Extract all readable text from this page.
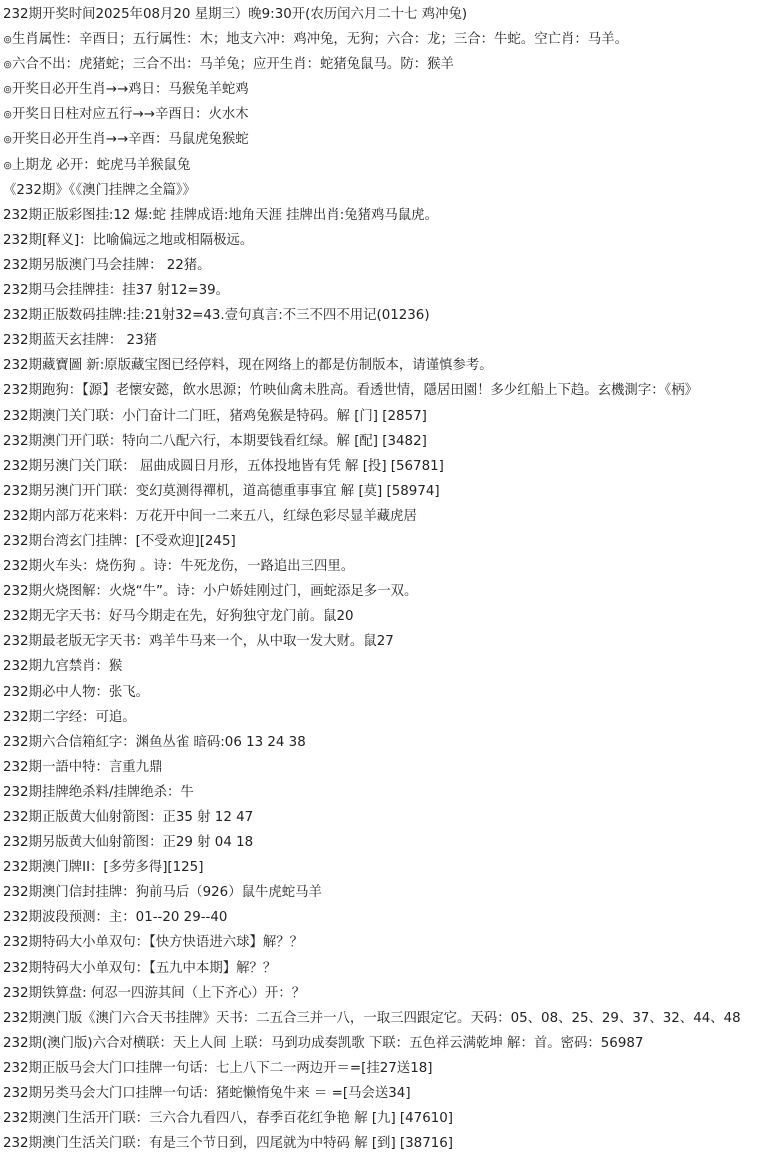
232期开奖时间2025年08月20 星期三）晚9:30开(农历闰六月二十七 鸡冲兔)
⊚生肖属性：辛酉日；五行属性：木；地支六冲：鸡冲兔，无狗；六合：龙；三合：牛蛇。空亡肖：马羊。
⊚六合不出：虎猪蛇；三合不出：马羊兔；应开生肖：蛇猪兔鼠马。防：猴羊
⊚开奖日必开生肖→→鸡日：马猴兔羊蛇鸡
⊚开奖日日柱对应五行→→辛酉日：火水木
⊚开奖日必开生肖→→辛酉：马鼠虎兔猴蛇
⊚上期龙 必开：蛇虎马羊猴鼠兔
《232期》《《澳门挂牌之全篇》》
232期正版彩图挂:12 爆:蛇 挂牌成语:地角天涯 挂牌出肖:兔猪鸡马鼠虎。
232期[释义]：比喻偏远之地或相隔极远。
232期另版澳门马会挂牌： 22猪。
232期马会挂牌挂：挂37 射12=39。
232期正版数码挂牌:挂:21射32=43.壹句真言:不三不四不用记(01236)
232期蓝天玄挂牌： 23猪
232期藏寶圖 新:原版藏宝图已经停料，现在网络上的都是仿制版本，请谨慎参考。
232期跑狗：【源】老懷安懿，飲水思源；竹映仙禽未胜高。看透世情，隱居田園！多少红船上下趋。玄機測字：《柄》
232期澳门关门联：小门奋计二门旺，猪鸡兔猴是特码。解 [门] [2857]
232期澳门开门联：特向二八配六行，本期要钱看红绿。解 [配] [3482]
232期另澳门关门联： 屈曲成圆日月形，五体投地皆有凭 解 [投] [56781]
232期另澳门开门联：变幻莫测得禪机，道高德重事事宜 解 [莫] [58974]
232期内部万花来料：万花开中间一二来五八，红绿色彩尽显羊藏虎居
232期台湾玄门挂牌：[不受欢迎][245]
232期火车头：烧伤狗 。诗：牛死龙伤，一路追出三四里。
232期火烧图解：火烧“牛”。诗：小户娇娃刚过门，画蛇添足多一双。
232期无字天书：好马今期走在先，好狗独守龙门前。鼠20
232期最老版无字天书：鸡羊牛马来一个，从中取一发大财。鼠27
232期九宫禁肖：猴
232期必中人物：张飞。
232期二字经：可追。
232期六合信箱紅字：渊鱼丛雀 暗码:06 13 24 38
232期一語中特：言重九鼎
232期挂牌绝杀料/挂牌绝杀：牛
232期正版黄大仙射箭图：正35 射 12 47
232期另版黄大仙射箭图：正29 射 04 18
232期澳门牌II：[多劳多得][125]
232期澳门信封挂牌：狗前马后（926）鼠牛虎蛇马羊
232期波段预测：主：01--20 29--40
232期特码大小单双句：【快方快语进六球】解？？
232期特码大小单双句：【五九中本期】解？？
232期铁算盘: 何忍一四游其间（上下齐心）开：？
232期澳门版《澳门六合天书挂牌》天书：二五合三并一八，一取三四跟定它。天码：05、08、25、29、37、32、44、48
232期(澳门版)六合对横联：天上人间 上联：马到功成奏凯歌 下联：五色祥云满乾坤 解：首。密码：56987
232期正版马会大门口挂牌一句话：七上八下二一两边开＝=[挂27送18]
232期另类马会大门口挂牌一句话：猪蛇懒惰兔牛来 ＝ =[马会送34]
232期澳门生活开门联：三六合九看四八，春季百花红争艳 解 [九] [47610]
232期澳门生活关门联：有是三个节日到，四尾就为中特码 解 [到] [38716]
